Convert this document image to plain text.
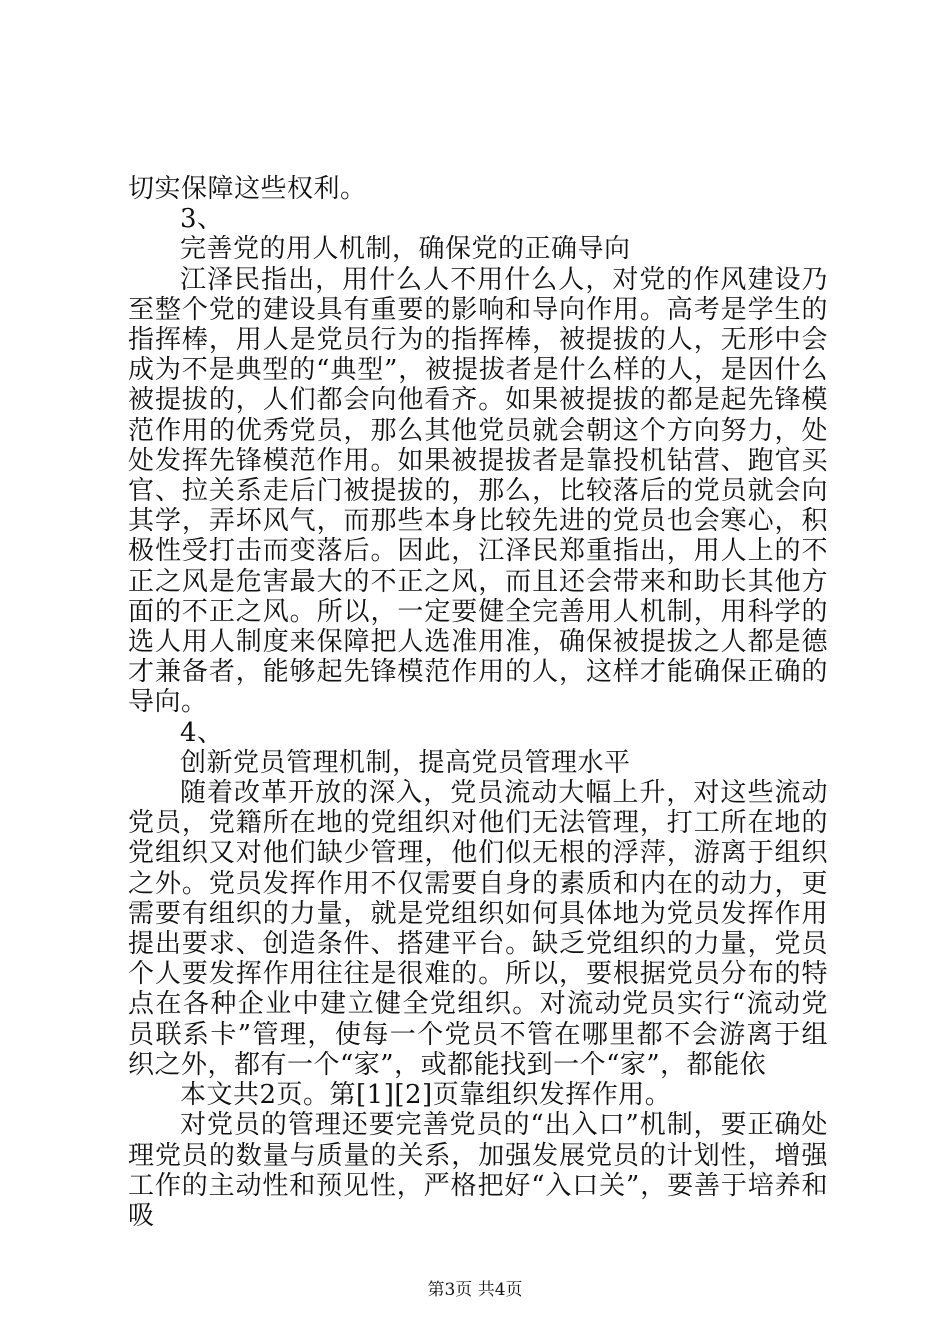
切实保障这些权利。

3、

完善党的用人机制，确保党的正确导向

江泽民指出，用什么人不用什么人，对党的作风建设乃至整个党的建设具有重要的影响和导向作用。高考是学生的指挥棒，用人是党员行为的指挥棒，被提拔的人，无形中会成为不是典型的“典型”，被提拔者是什么样的人，是因什么被提拔的，人们都会向他看齐。如果被提拔的都是起先锋模范作用的优秀党员，那么其他党员就会朝这个方向努力，处处发挥先锋模范作用。如果被提拔者是靠投机钻营、跑官买官、拉关系走后门被提拔的，那么，比较落后的党员就会向其学，弄坏风气，而那些本身比较先进的党员也会寒心，积极性受打击而变落后。因此，江泽民郑重指出，用人上的不正之风是危害最大的不正之风，而且还会带来和助长其他方面的不正之风。所以，一定要健全完善用人机制，用科学的选人用人制度来保障把人选准用准，确保被提拔之人都是德才兼备者，能够起先锋模范作用的人，这样才能确保正确的导向。

4、

创新党员管理机制，提高党员管理水平

随着改革开放的深入，党员流动大幅上升，对这些流动党员，党籍所在地的党组织对他们无法管理，打工所在地的党组织又对他们缺少管理，他们似无根的浮萍，游离于组织之外。党员发挥作用不仅需要自身的素质和内在的动力，更需要有组织的力量，就是党组织如何具体地为党员发挥作用提出要求、创造条件、搭建平台。缺乏党组织的力量，党员个人要发挥作用往往是很难的。所以，要根据党员分布的特点在各种企业中建立健全党组织。对流动党员实行“流动党员联系卡”管理，使每一个党员不管在哪里都不会游离于组织之外，都有一个“家”，或都能找到一个“家”，都能依

本文共2页。第[1][2]页靠组织发挥作用。

对党员的管理还要完善党员的“出入口”机制，要正确处理党员的数量与质量的关系，加强发展党员的计划性，增强工作的主动性和预见性，严格把好“入口关”，要善于培养和吸

第3页 共4页
